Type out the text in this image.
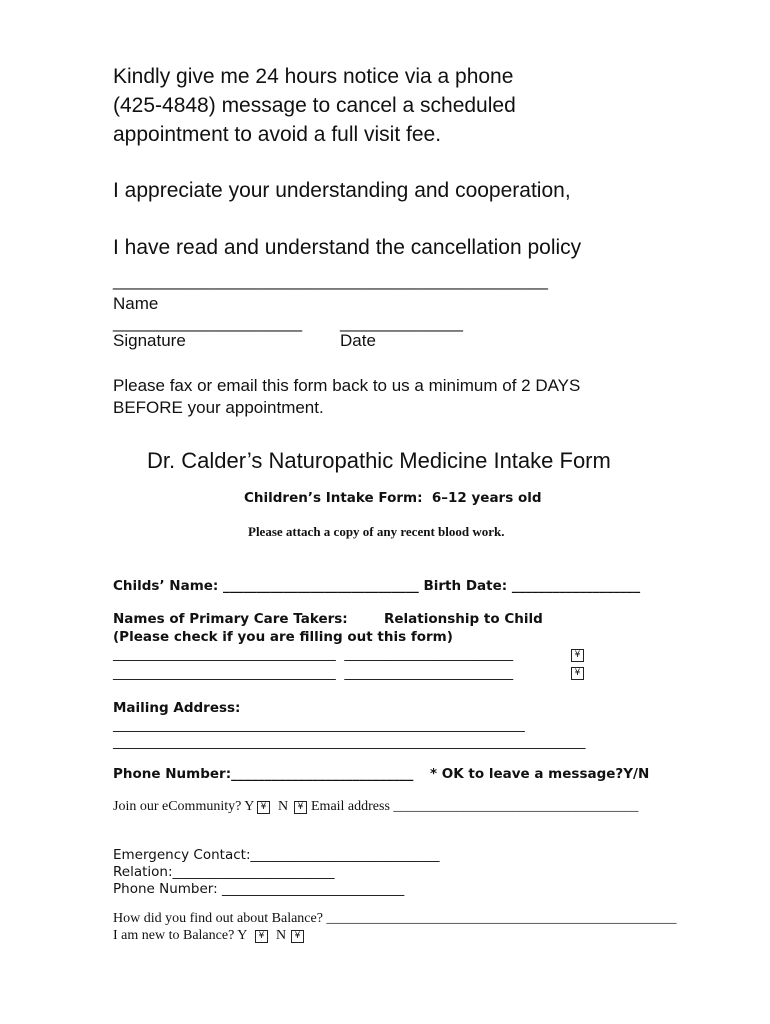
Kindly give me 24 hours notice via a phone
(425-4848) message to cancel a scheduled
appointment to avoid a full visit fee.
I appreciate your understanding and cooperation,
I have read and understand the cancellation policy
______________________________________________
Name
____________________ _____________
Signature	Date
Please fax or email this form back to us a minimum of 2 DAYS
BEFORE your appointment.
Dr. Calder’s Naturopathic Medicine Intake Form
Children’s Intake Form:  6–12 years old
Please attach a copy of any recent blood work.
Childs’ Name: _____________________________ Birth Date: ___________________
Names of Primary Care Takers:	Relationship to Child
(Please check if you are filling out this form)
_________________________________  _________________________	¥
_________________________________  _________________________	¥
Mailing Address:
_____________________________________________________________
______________________________________________________________________
Phone Number:___________________________ * OK to leave a message?Y/N
Join our eCommunity? Y ¥ N	¥ Email address ___________________________________
Emergency Contact:____________________________
Relation:________________________
Phone Number: ___________________________
How did you find out about Balance? __________________________________________________
I am new to Balance? Y	¥ N ¥
